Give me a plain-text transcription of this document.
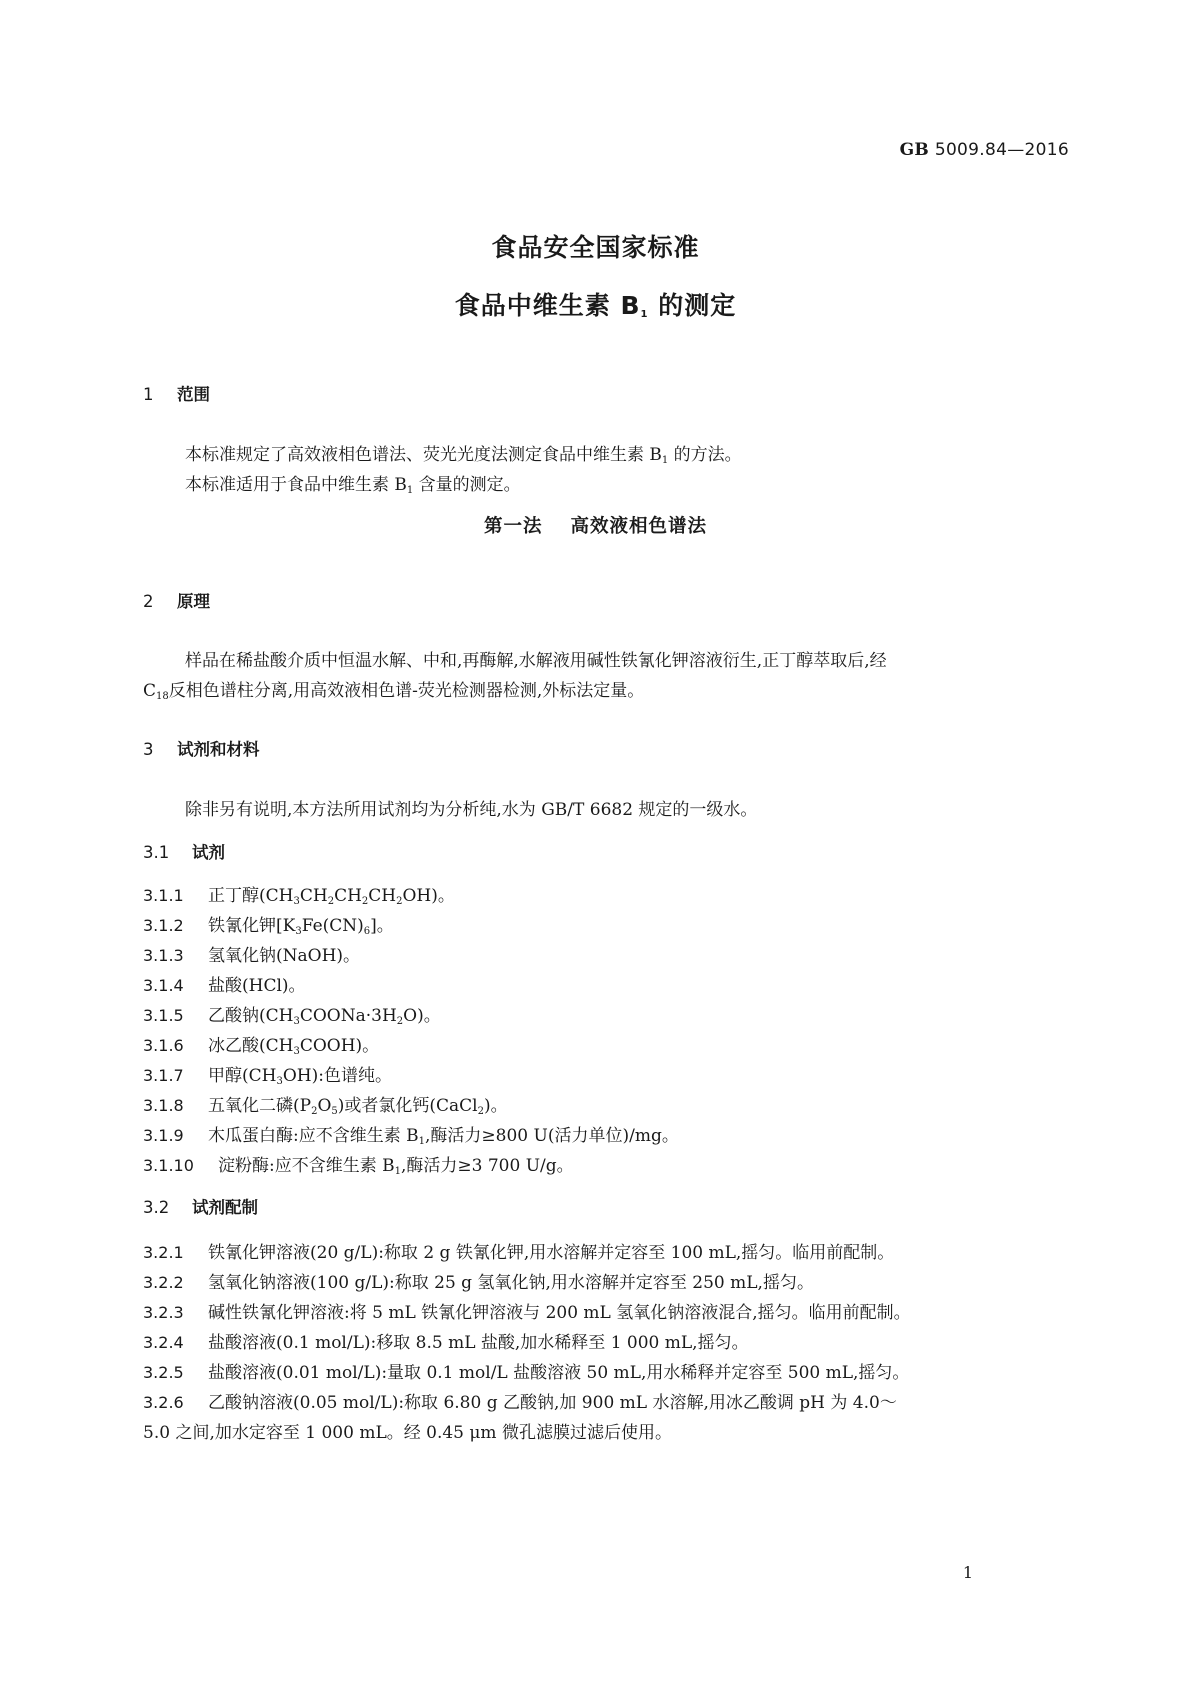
GB 5009.84—2016
食品安全国家标准
食品中维生素 $B_1$ 的测定
1 范围
本标准规定了高效液相色谱法、荧光光度法测定食品中维生素 $B_1$ 的方法。
本标准适用于食品中维生素 $B_1$ 含量的测定。
第一法 高效液相色谱法
2 原理
样品在稀盐酸介质中恒温水解、中和,再酶解,水解液用碱性铁氰化钾溶液衍生,正丁醇萃取后,经
$C_{18}$反相色谱柱分离,用高效液相色谱-荧光检测器检测,外标法定量。
3 试剂和材料
除非另有说明,本方法所用试剂均为分析纯,水为 GB/T 6682 规定的一级水。
3.1 试剂
3.1.1 正丁醇$(CH_3CH_2CH_2CH_2OH)$。
3.1.2 铁氰化钾$[K_3Fe(CN)_6]$。
3.1.3 氢氧化钠(NaOH)。
3.1.4 盐酸(HCl)。
3.1.5 乙酸钠$(CH_3COONa\cdot 3H_2O)$。
3.1.6 冰乙酸$(CH_3COOH)$。
3.1.7 甲醇$(CH_3OH)$:色谱纯。
3.1.8 五氧化二磷$(P_2O_5)$或者氯化钙(CaCl$_2$)。
3.1.9 木瓜蛋白酶:应不含维生素 $B_1$,酶活力≥800 U(活力单位)/mg。
3.1.10 淀粉酶:应不含维生素 $B_1$,酶活力≥3 700 U/g。
3.2 试剂配制
3.2.1 铁氰化钾溶液(20 g/L):称取 2 g 铁氰化钾,用水溶解并定容至 100 mL,摇匀。临用前配制。
3.2.2 氢氧化钠溶液(100 g/L):称取 25 g 氢氧化钠,用水溶解并定容至 250 mL,摇匀。
3.2.3 碱性铁氰化钾溶液:将 5 mL 铁氰化钾溶液与 200 mL 氢氧化钠溶液混合,摇匀。临用前配制。
3.2.4 盐酸溶液(0.1 mol/L):移取 8.5 mL 盐酸,加水稀释至 1 000 mL,摇匀。
3.2.5 盐酸溶液(0.01 mol/L):量取 0.1 mol/L 盐酸溶液 50 mL,用水稀释并定容至 500 mL,摇匀。
3.2.6 乙酸钠溶液(0.05 mol/L):称取 6.80 g 乙酸钠,加 900 mL 水溶解,用冰乙酸调 pH 为 4.0～
5.0 之间,加水定容至 1 000 mL。经 0.45 μm 微孔滤膜过滤后使用。
1
